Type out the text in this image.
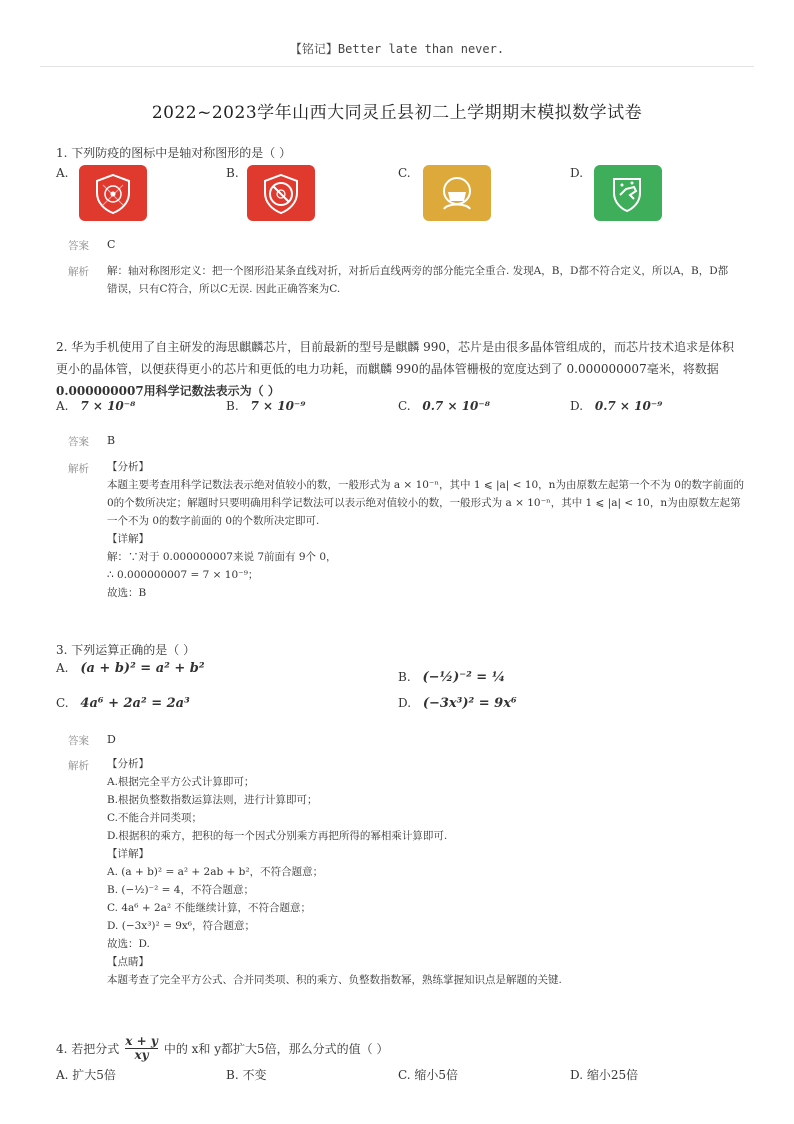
【铭记】Better late than never.
2022~2023学年山西大同灵丘县初二上学期期末模拟数学试卷
1. 下列防疫的图标中是轴对称图形的是（ ）
A.	B.	C.	D.
答案 C
解析 解：轴对称图形定义：把一个图形沿某条直线对折，对折后直线两旁的部分能完全重合. 发现A，B，D都不符合定义，所以A，B，D都
错误，只有C符合，所以C无误. 因此正确答案为C.
2. 华为手机使用了自主研发的海思麒麟芯片，目前最新的型号是麒麟 990，芯片是由很多晶体管组成的，而芯片技术追求是体积
更小的晶体管，以便获得更小的芯片和更低的电力功耗，而麒麟 990的晶体管栅极的宽度达到了 0.000000007毫米，将数据
0.000000007用科学记数法表示为（ ）
A. 7 × 10⁻⁸	B. 7 × 10⁻⁹	C. 0.7 × 10⁻⁸	D. 0.7 × 10⁻⁹
答案 B
解析 【分析】
本题主要考查用科学记数法表示绝对值较小的数，一般形式为 a × 10⁻ⁿ，其中 1 ⩽ |a| < 10，n为由原数左起第一个不为 0的数字前面的
0的个数所决定；解题时只要明确用科学记数法可以表示绝对值较小的数，一般形式为 a × 10⁻ⁿ，其中 1 ⩽ |a| < 10，n为由原数左起第
一个不为 0的数字前面的 0的个数所决定即可.
【详解】
解：∵对于 0.000000007来说 7前面有 9个 0，
∴ 0.000000007 = 7 × 10⁻⁹；
故选：B
3. 下列运算正确的是（ ）
A. (a + b)² = a² + b²
B. (−½)⁻² = ¼
C. 4a⁶ + 2a² = 2a³	D. (−3x³)² = 9x⁶
答案 D
解析 【分析】
A.根据完全平方公式计算即可；
B.根据负整数指数运算法则，进行计算即可；
C.不能合并同类项；
D.根据积的乘方，把积的每一个因式分别乘方再把所得的幂相乘计算即可.
【详解】
A. (a + b)² = a² + 2ab + b²，不符合题意；
B. (−½)⁻² = 4，不符合题意；
C. 4a⁶ + 2a² 不能继续计算，不符合题意；
D. (−3x³)² = 9x⁶，符合题意；
故选：D.
【点睛】
本题考查了完全平方公式、合并同类项、积的乘方、负整数指数幂，熟练掌握知识点是解题的关键.
4. 若把分式 $\frac{x + y}{xy}$ 中的 x和 y都扩大5倍，那么分式的值（ ）
A. 扩大5倍	B. 不变	C. 缩小5倍	D. 缩小25倍
